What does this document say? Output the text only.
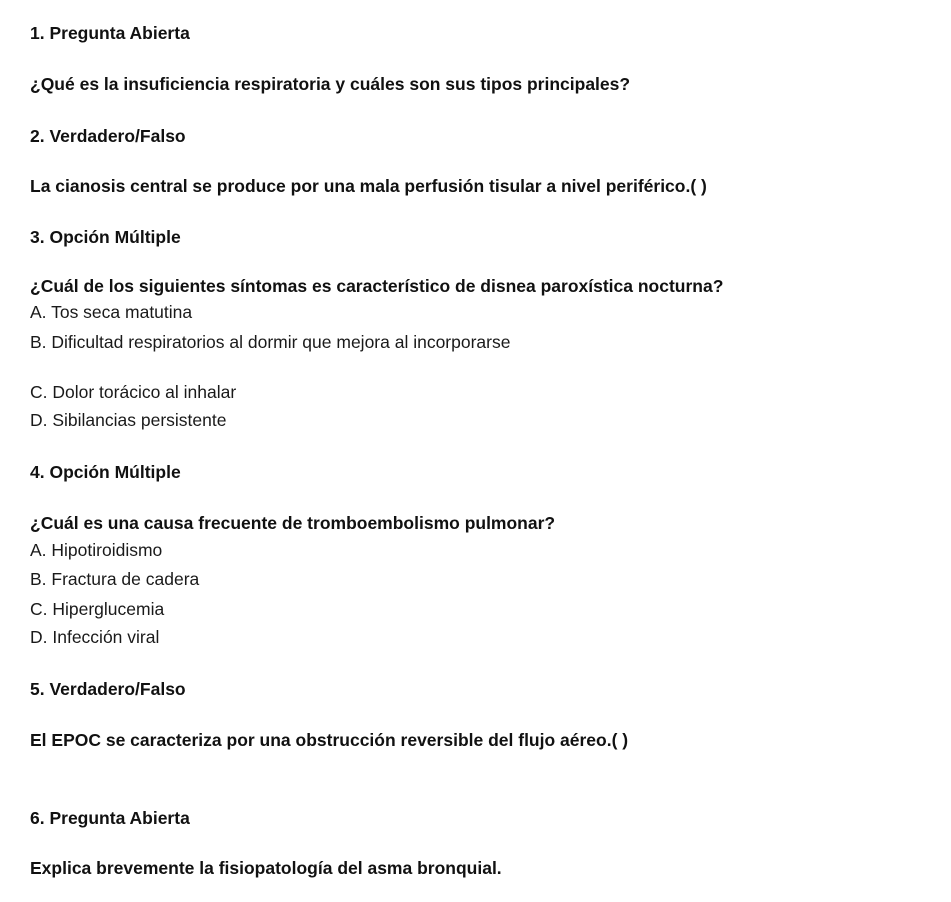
1. Pregunta Abierta
¿Qué es la insuficiencia respiratoria y cuáles son sus tipos principales?
2. Verdadero/Falso
La cianosis central se produce por una mala perfusión tisular a nivel periférico.( )
3. Opción Múltiple
¿Cuál de los siguientes síntomas es característico de disnea paroxística nocturna?
A. Tos seca matutina
B. Dificultad respiratorios al dormir que mejora al incorporarse
C. Dolor torácico al inhalar
D. Sibilancias persistente
4. Opción Múltiple
¿Cuál es una causa frecuente de tromboembolismo pulmonar?
A. Hipotiroidismo
B. Fractura de cadera
C. Hiperglucemia
D. Infección viral
5. Verdadero/Falso
El EPOC se caracteriza por una obstrucción reversible del flujo aéreo.( )
6. Pregunta Abierta
Explica brevemente la fisiopatología del asma bronquial.
